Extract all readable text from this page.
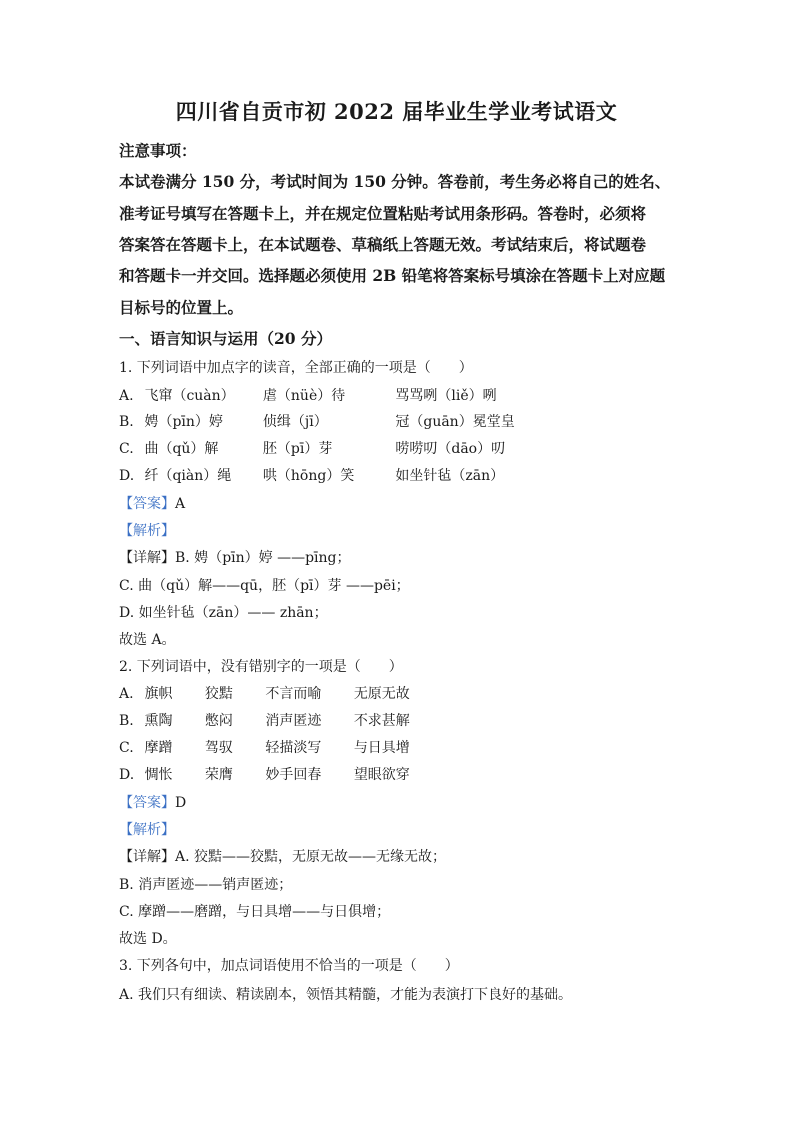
四川省自贡市初 2022 届毕业生学业考试语文
注意事项：
本试卷满分 150 分，考试时间为 150 分钟。答卷前，考生务必将自己的姓名、
准考证号填写在答题卡上，并在规定位置粘贴考试用条形码。答卷时，必须将
答案答在答题卡上，在本试题卷、草稿纸上答题无效。考试结束后，将试题卷
和答题卡一并交回。选择题必须使用 2B 铅笔将答案标号填涂在答题卡上对应题
目标号的位置上。
一、语言知识与运用（20 分）
1. 下列词语中加点字的读音，全部正确的一项是（　　）
A. 飞窜（cuàn） 虐（nüè）待	骂骂咧（liě）咧
B. 娉（pīn）婷	侦缉（jī）	冠（guān）冕堂皇
C. 曲（qǔ）解	胚（pī）芽	唠唠叨（dāo）叨
D. 纤（qiàn）绳 哄（hōng）笑	如坐针毡（zān）
【答案】A
【解析】
【详解】B. 娉（pīn）婷 ——pīng；
C. 曲（qǔ）解——qū，胚（pī）芽 ——pēi；
D. 如坐针毡（zān）—— zhān；
故选 A。
2. 下列词语中，没有错别字的一项是（　　）
A. 旗帜 狡黠 不言而喻 无原无故
B. 熏陶 憋闷 消声匿迹 不求甚解
C. 摩蹭 驾驭 轻描淡写 与日具增
D. 惆怅 荣膺 妙手回春 望眼欲穿
【答案】D
【解析】
【详解】A. 狡黠——狡黠，无原无故——无缘无故；
B. 消声匿迹——销声匿迹；
C. 摩蹭——磨蹭，与日具增——与日俱增；
故选 D。
3. 下列各句中，加点词语使用不恰当的一项是（　　）
A. 我们只有细读、精读剧本，领悟其精髓，才能为表演打下良好的基础。
